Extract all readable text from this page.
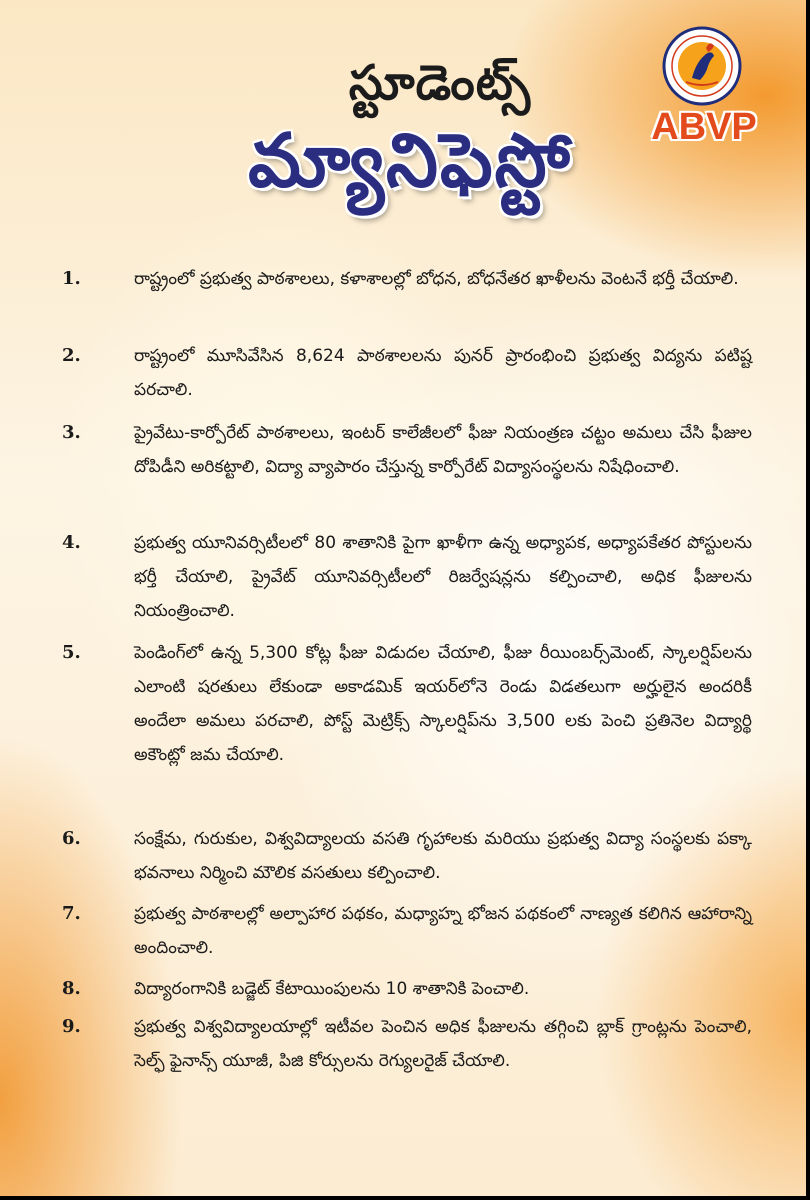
స్టూడెంట్స్
మ్యానిఫెస్టో	ABVP
1.	రాష్ట్రంలో ప్రభుత్వ పాఠశాలలు, కళాశాలల్లో బోధన, బోధనేతర ఖాళీలను వెంటనే భర్తీ చేయాలి.
2.	రాష్ట్రంలో మూసివేసిన 8,624 పాఠశాలలను పునర్ ప్రారంభించి ప్రభుత్వ విద్యను పటిష్ట పరచాలి.
3.	ప్రైవేటు-కార్పోరేట్ పాఠశాలలు, ఇంటర్ కాలేజీలలో ఫీజు నియంత్రణ చట్టం అమలు చేసి ఫీజుల దోపిడీని అరికట్టాలి, విద్యా వ్యాపారం చేస్తున్న కార్పోరేట్ విద్యాసంస్థలను నిషేధించాలి.
4.	ప్రభుత్వ యూనివర్సిటీలలో 80 శాతానికి పైగా ఖాళీగా ఉన్న అధ్యాపక, అధ్యాపకేతర పోస్టులను భర్తీ చేయాలి, ప్రైవేట్ యూనివర్సిటీలలో రిజర్వేషన్లను కల్పించాలి, అధిక ఫీజులను నియంత్రించాలి.
5.	పెండింగ్‌లో ఉన్న 5,300 కోట్ల ఫీజు విడుదల చేయాలి, ఫీజు రీయింబర్స్‌మెంట్, స్కాలర్షిప్‌లను ఎలాంటి షరతులు లేకుండా అకాడమిక్ ఇయర్‌లోనె రెండు విడతలుగా అర్హులైన అందరికీ అందేలా అమలు పరచాలి, పోస్ట్ మెట్రిక్స్ స్కాలర్షిప్‌ను 3,500 లకు పెంచి ప్రతినెల విద్యార్థి అకౌంట్లో జమ చేయాలి.
6.	సంక్షేమ, గురుకుల, విశ్వవిద్యాలయ వసతి గృహాలకు మరియు ప్రభుత్వ విద్యా సంస్థలకు పక్కా భవనాలు నిర్మించి మౌలిక వసతులు కల్పించాలి.
7.	ప్రభుత్వ పాఠశాలల్లో అల్పాహార పథకం, మధ్యాహ్న భోజన పథకంలో నాణ్యత కలిగిన ఆహారాన్ని అందించాలి.
8.	విద్యారంగానికి బడ్జెట్ కేటాయింపులను 10 శాతానికి పెంచాలి.
9.	ప్రభుత్వ విశ్వవిద్యాలయాల్లో ఇటీవల పెంచిన అధిక ఫీజులను తగ్గించి బ్లాక్ గ్రాంట్లను పెంచాలి, సెల్ఫ్ ఫైనాన్స్ యూజీ, పిజి కోర్సులను రెగ్యులరైజ్ చేయాలి.
